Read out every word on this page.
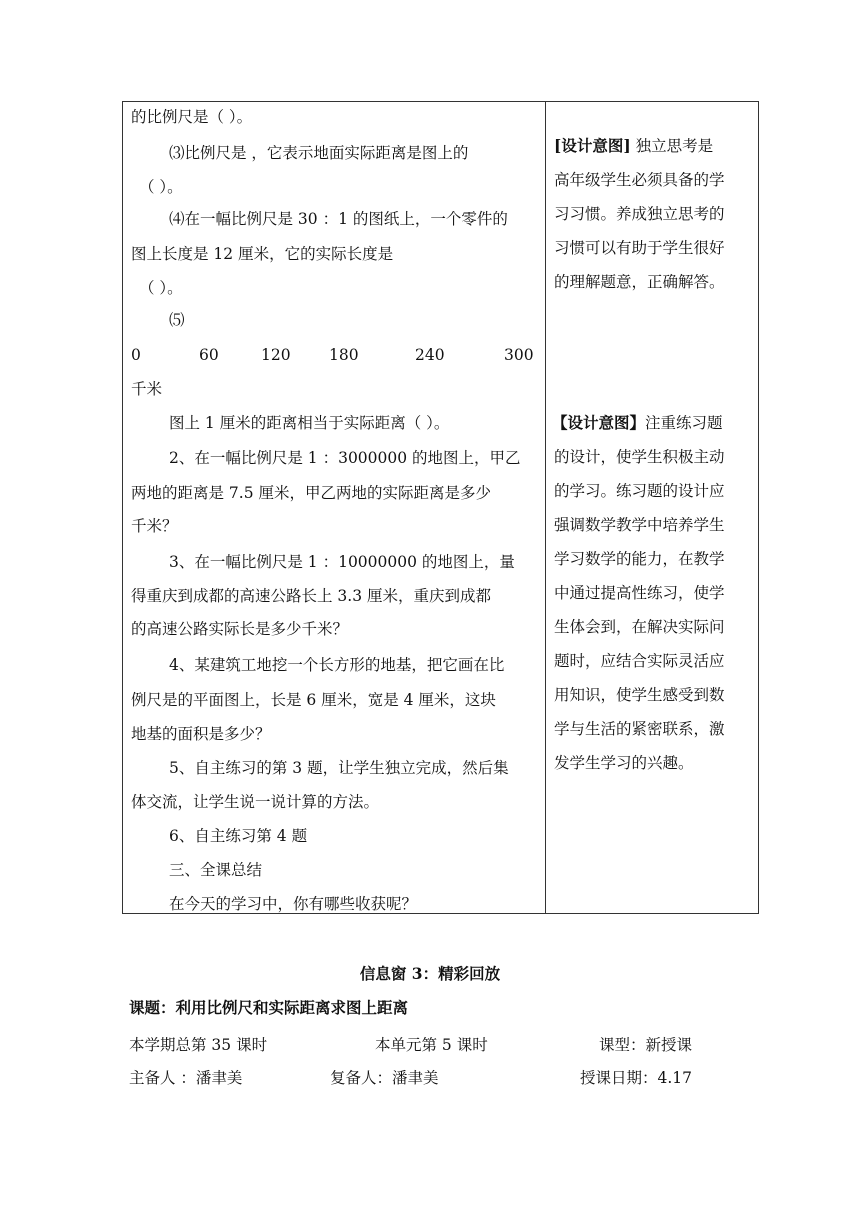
的比例尺是（ ）。
⑶比例尺是 ，它表示地面实际距离是图上的
（ ）。
⑷在一幅比例尺是 30 ：1 的图纸上，一个零件的
图上长度是 12 厘米，它的实际长度是
（ ）。
⑸
0	60	120 180	240	300
千米
图上 1 厘米的距离相当于实际距离（ ）。
2、在一幅比例尺是 1 ：3000000 的地图上，甲乙
两地的距离是 7.5 厘米，甲乙两地的实际距离是多少
千米？
3、在一幅比例尺是 1 ：10000000 的地图上，量
得重庆到成都的高速公路长上 3.3 厘米，重庆到成都
的高速公路实际长是多少千米？
4、某建筑工地挖一个长方形的地基，把它画在比
例尺是的平面图上，长是 6 厘米，宽是 4 厘米，这块
地基的面积是多少？
5、自主练习的第 3 题，让学生独立完成，然后集
体交流，让学生说一说计算的方法。
6、自主练习第 4 题
三、全课总结
在今天的学习中，你有哪些收获呢？

[设计意图] 独立思考是
高年级学生必须具备的学
习习惯。养成独立思考的
习惯可以有助于学生很好
的理解题意，正确解答。
【设计意图】注重练习题
的设计，使学生积极主动
的学习。练习题的设计应
强调数学教学中培养学生
学习数学的能力，在教学
中通过提高性练习，使学
生体会到，在解决实际问
题时，应结合实际灵活应
用知识，使学生感受到数
学与生活的紧密联系，激
发学生学习的兴趣。
信息窗 3：精彩回放
课题：利用比例尺和实际距离求图上距离
本学期总第 35 课时	本单元第 5 课时	课型：新授课
主备人 ：潘聿美	复备人：潘聿美	授课日期：4.17
